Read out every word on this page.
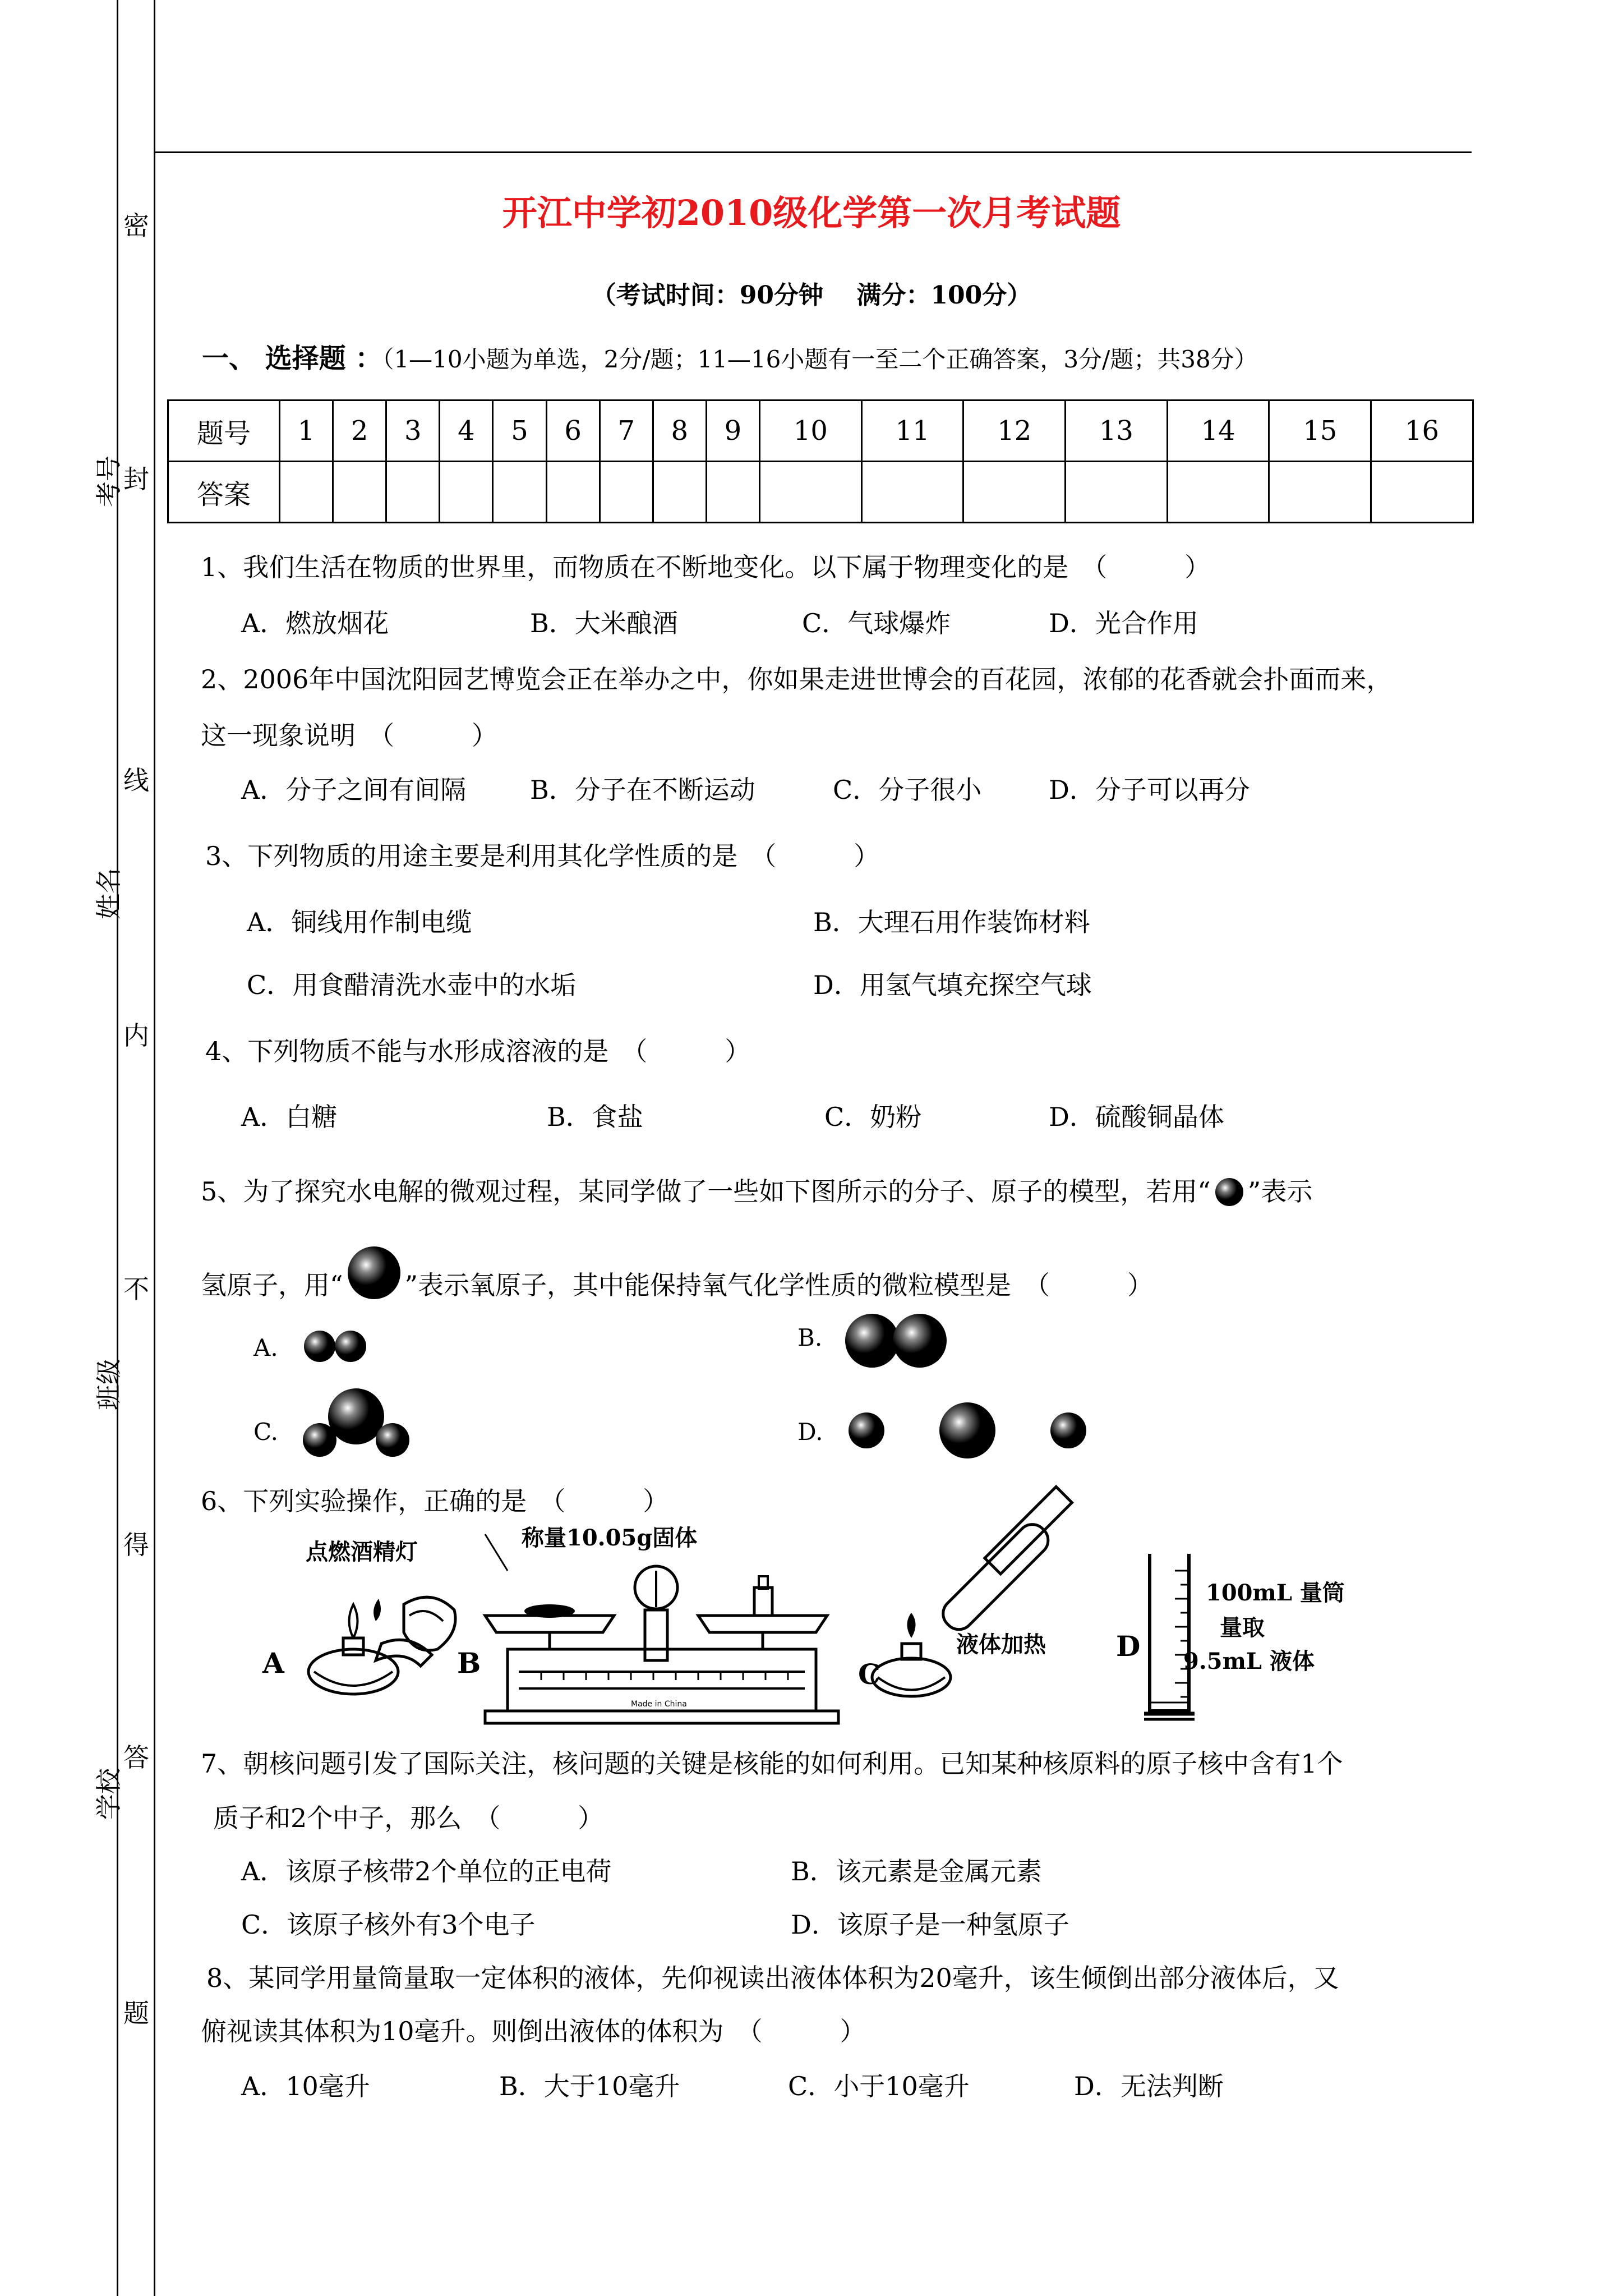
密
封
线
内
不
得
答
题
考号
姓名
班级
学校
开江中学初2010级化学第一次月考试题
（考试时间：90分钟　 满分：100分）
一、 选择题 ：（1—10小题为单选，2分/题；11—16小题有一至二个正确答案，3分/题；共38分）
题号	1	2	3	4	5	6	7	8	9	10	11	12	13	14	15	16
答案																
1、我们生活在物质的世界里，而物质在不断地变化。以下属于物理变化的是　（　　　）
A．燃放烟花	B．大米酿酒	C．气球爆炸	D．光合作用
2、2006年中国沈阳园艺博览会正在举办之中，你如果走进世博会的百花园，浓郁的花香就会扑面而来，
这一现象说明　（　　　）
A．分子之间有间隔 B．分子在不断运动	C．分子很小	D．分子可以再分
3、下列物质的用途主要是利用其化学性质的是　（　　　）
A．铜线用作制电缆	B．大理石用作装饰材料
C．用食醋清洗水壶中的水垢	D．用氢气填充探空气球
4、下列物质不能与水形成溶液的是　（　　　）
A．白糖	B．食盐	C．奶粉	D．硫酸铜晶体
5、为了探究水电解的微观过程，某同学做了一些如下图所示的分子、原子的模型，若用“ ”表示
氢原子，用“ ”表示氧原子，其中能保持氧气化学性质的微粒模型是　（　　　）
A.	B.
C.	D.
6、下列实验操作，正确的是　（　　　）
点燃酒精灯
A
称量10.05g固体
B
Made in China
液体加热
C
D
100mL 量筒
量取
9.5mL 液体
7、朝核问题引发了国际关注，核问题的关键是核能的如何利用。已知某种核原料的原子核中含有1个
质子和2个中子，那么　（　　　）
A．该原子核带2个单位的正电荷	B．该元素是金属元素
C．该原子核外有3个电子	D．该原子是一种氢原子
8、某同学用量筒量取一定体积的液体，先仰视读出液体体积为20毫升，该生倾倒出部分液体后，又
俯视读其体积为10毫升。则倒出液体的体积为　（　　　）
A．10毫升	B．大于10毫升	C．小于10毫升	D．无法判断
